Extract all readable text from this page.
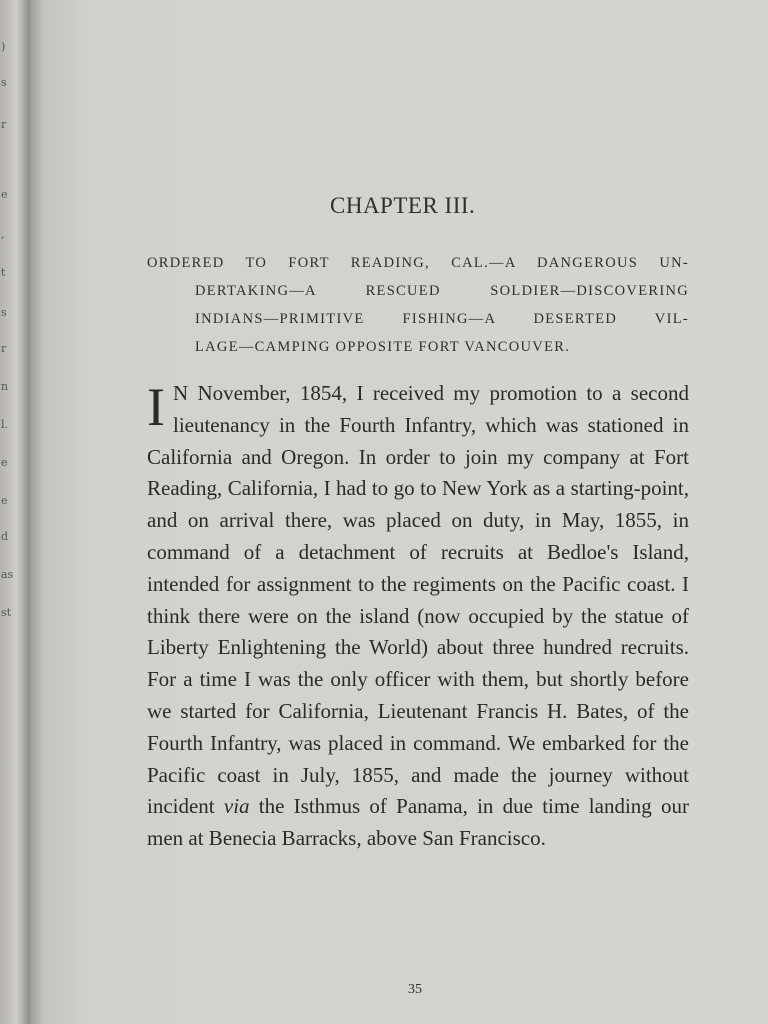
)
s
r
e
,
t
s
r
n
l.
e
e
d
as
st
CHAPTER III.
ORDERED TO FORT READING, CAL.—A DANGEROUS UN-
DERTAKING—A RESCUED SOLDIER—DISCOVERING
INDIANS—PRIMITIVE FISHING—A DESERTED VIL-
LAGE—CAMPING OPPOSITE FORT VANCOUVER.
I N November, 1854, I received my promotion to a second lieutenancy in the Fourth Infantry, which was stationed in California and Oregon. In order to join my company at Fort Reading, California, I had to go to New York as a starting-point, and on arrival there, was placed on duty, in May, 1855, in command of a detachment of recruits at Bedloe's Island, intended for assignment to the regiments on the Pacific coast. I think there were on the island (now occupied by the statue of Liberty Enlightening the World) about three hundred recruits. For a time I was the only officer with them, but shortly before we started for California, Lieutenant Francis H. Bates, of the Fourth Infantry, was placed in command. We embarked for the Pacific coast in July, 1855, and made the journey without incident via the Isthmus of Panama, in due time landing our men at Benecia Barracks, above San Francisco.

35
